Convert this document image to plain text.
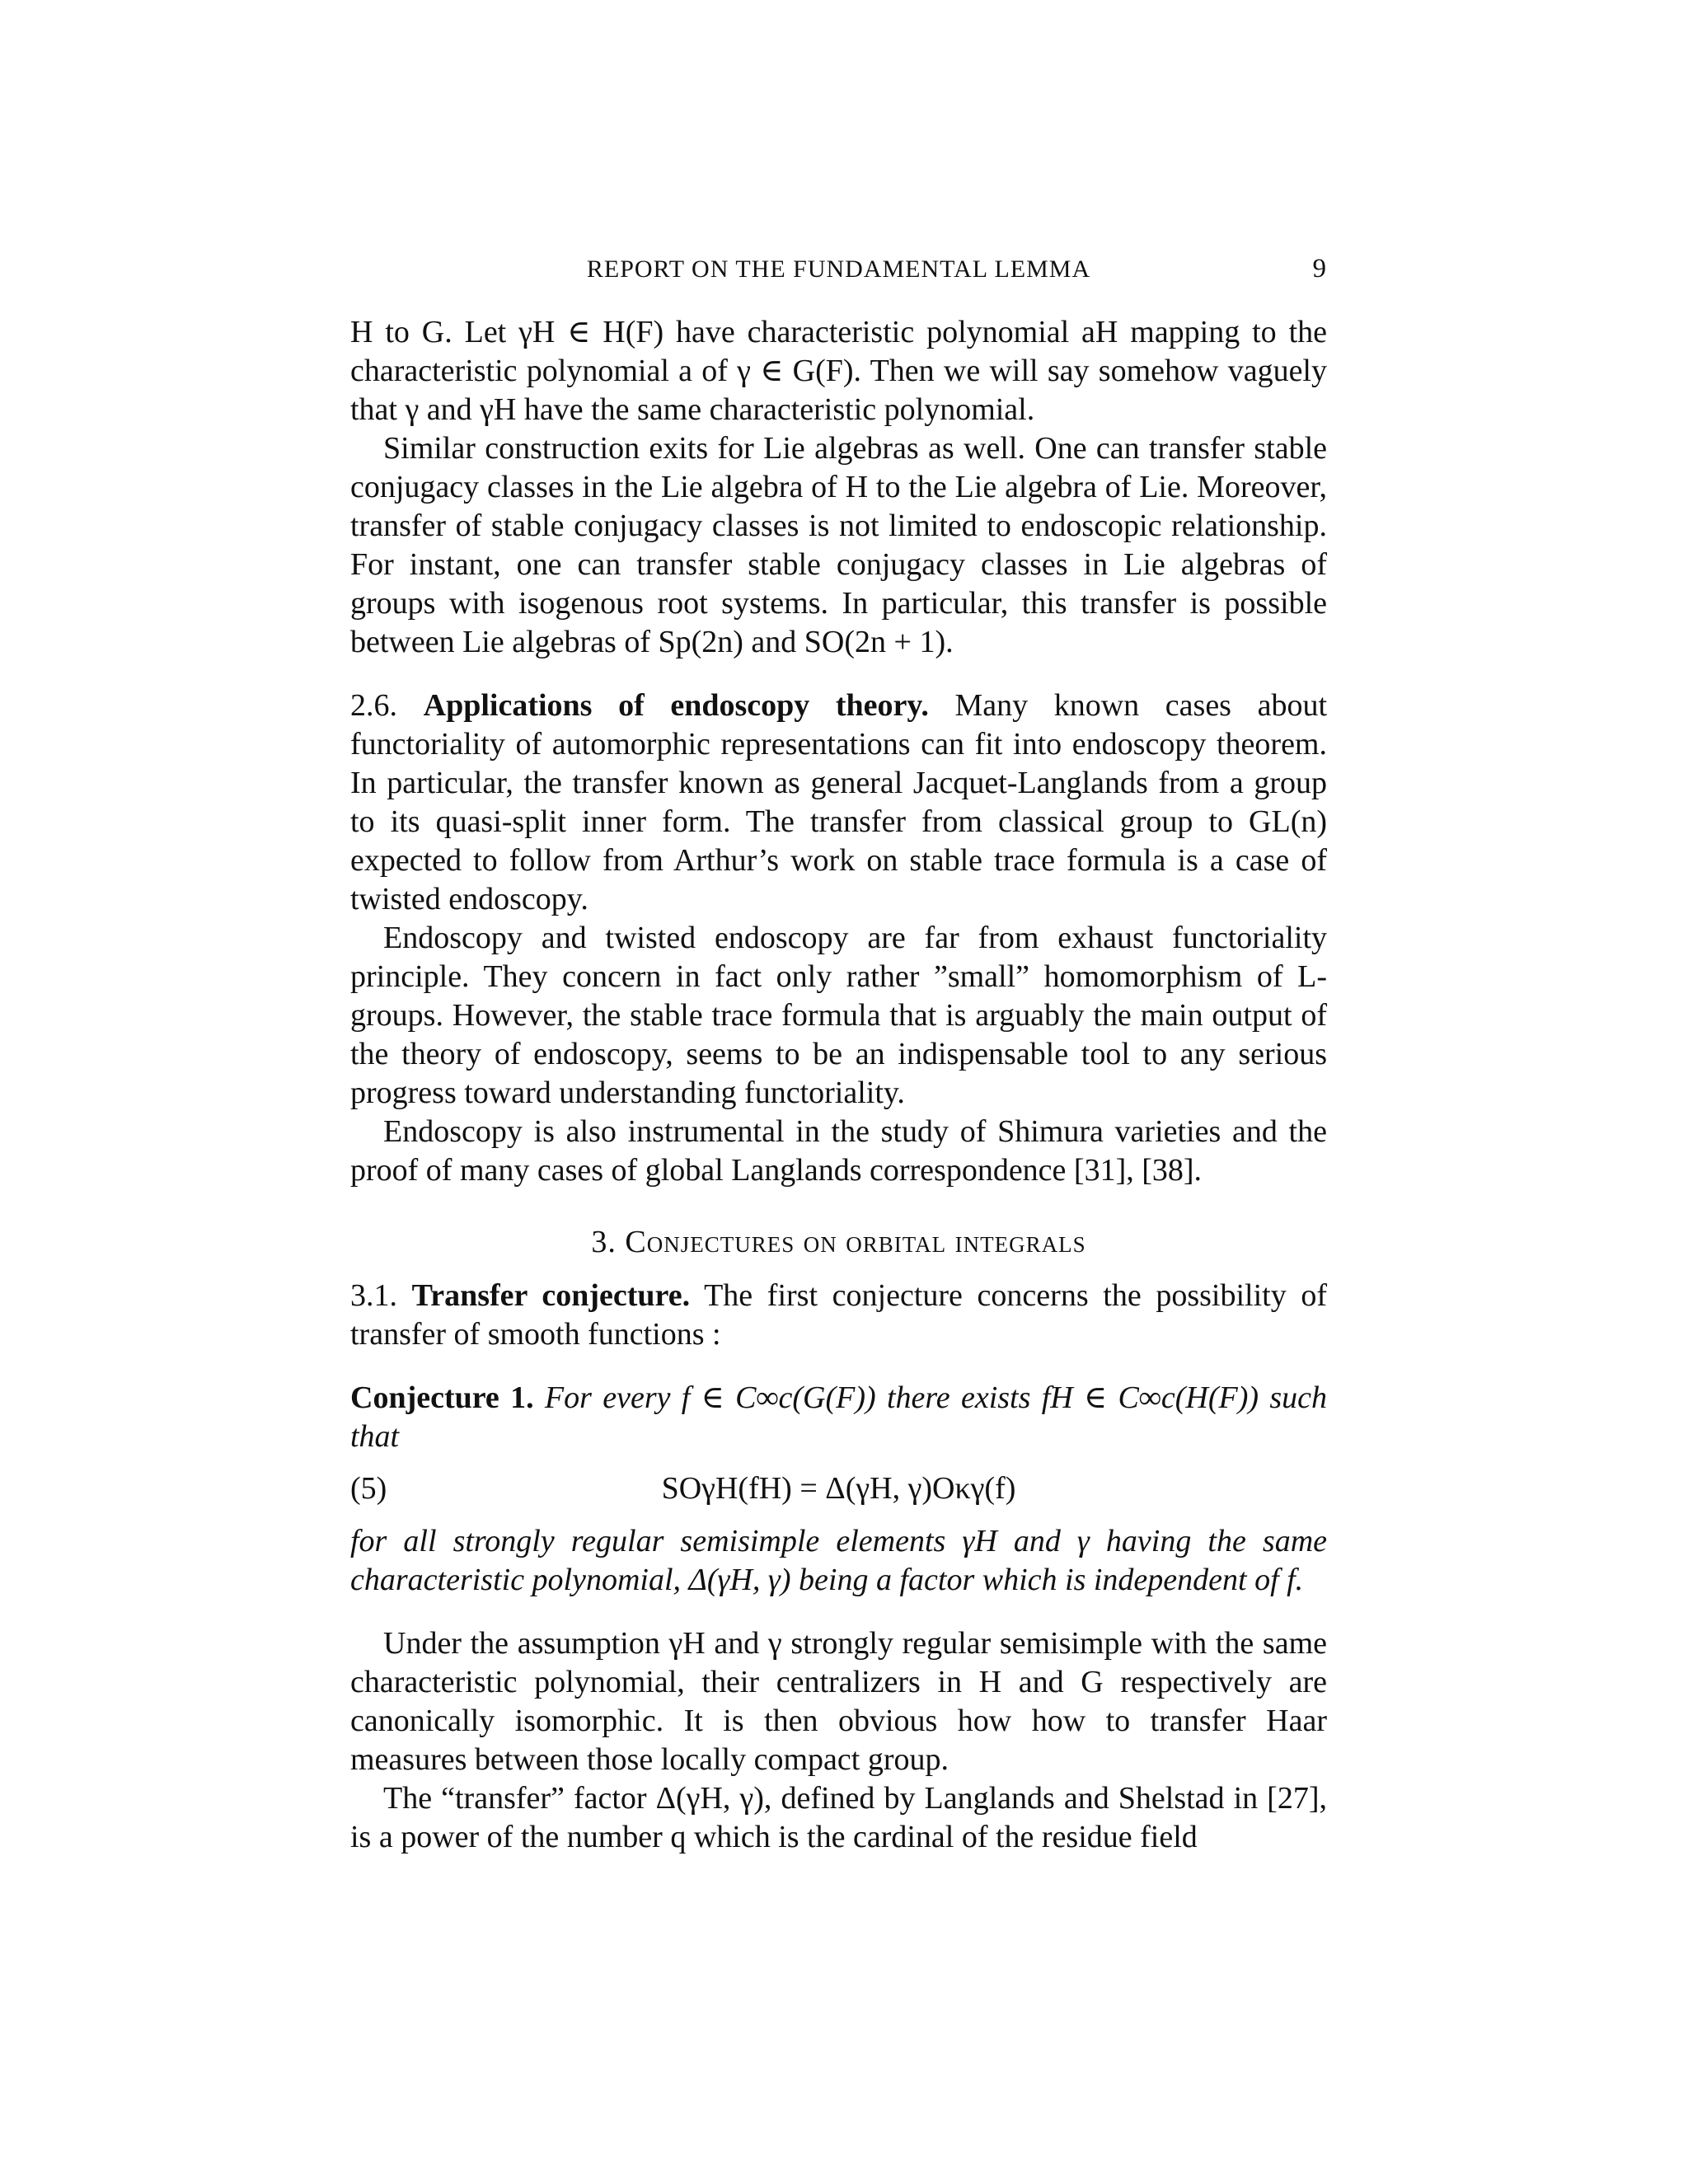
REPORT ON THE FUNDAMENTAL LEMMA	9

H to G. Let γH ∈ H(F) have characteristic polynomial aH mapping to the characteristic polynomial a of γ ∈ G(F). Then we will say somehow vaguely that γ and γH have the same characteristic polynomial.

Similar construction exits for Lie algebras as well. One can transfer stable conjugacy classes in the Lie algebra of H to the Lie algebra of Lie. Moreover, transfer of stable conjugacy classes is not limited to endoscopic relationship. For instant, one can transfer stable conjugacy classes in Lie algebras of groups with isogenous root systems. In particular, this transfer is possible between Lie algebras of Sp(2n) and SO(2n + 1).

2.6. Applications of endoscopy theory. Many known cases about functoriality of automorphic representations can fit into endoscopy theorem. In particular, the transfer known as general Jacquet-Langlands from a group to its quasi-split inner form. The transfer from classical group to GL(n) expected to follow from Arthur’s work on stable trace formula is a case of twisted endoscopy.

Endoscopy and twisted endoscopy are far from exhaust functoriality principle. They concern in fact only rather ”small” homomorphism of L-groups. However, the stable trace formula that is arguably the main output of the theory of endoscopy, seems to be an indispensable tool to any serious progress toward understanding functoriality.

Endoscopy is also instrumental in the study of Shimura varieties and the proof of many cases of global Langlands correspondence [31], [38].

3. Conjectures on orbital integrals

3.1. Transfer conjecture. The first conjecture concerns the possibility of transfer of smooth functions :

Conjecture 1. For every f ∈ C∞c(G(F)) there exists fH ∈ C∞c(H(F)) such that

(5)	SOγH(fH) = Δ(γH, γ)Oκγ(f)

for all strongly regular semisimple elements γH and γ having the same characteristic polynomial, Δ(γH, γ) being a factor which is independent of f.

Under the assumption γH and γ strongly regular semisimple with the same characteristic polynomial, their centralizers in H and G respectively are canonically isomorphic. It is then obvious how how to transfer Haar measures between those locally compact group.

The “transfer” factor Δ(γH, γ), defined by Langlands and Shelstad in [27], is a power of the number q which is the cardinal of the residue field
